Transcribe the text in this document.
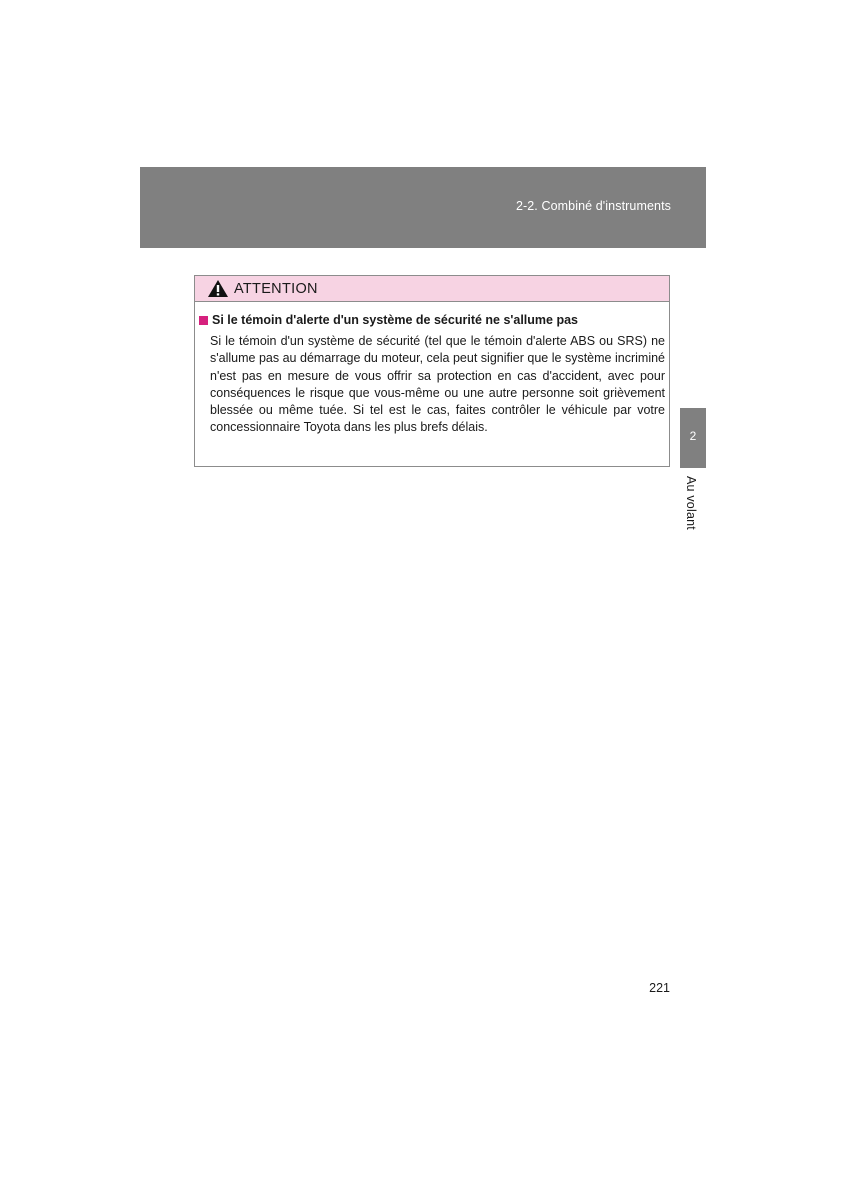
2-2. Combiné d'instruments
2
Au volant
ATTENTION
Si le témoin d'alerte d'un système de sécurité ne s'allume pas
Si le témoin d'un système de sécurité (tel que le témoin d'alerte ABS ou SRS) ne s'allume pas au démarrage du moteur, cela peut signifier que le système incriminé n'est pas en mesure de vous offrir sa protection en cas d'accident, avec pour conséquences le risque que vous-même ou une autre personne soit grièvement blessée ou même tuée. Si tel est le cas, faites contrôler le véhicule par votre concessionnaire Toyota dans les plus brefs délais.
221
